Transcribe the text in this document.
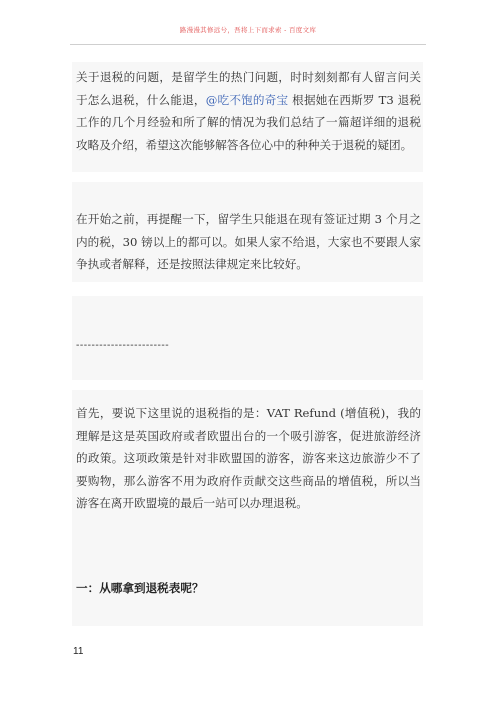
路漫漫其修远兮，吾将上下而求索 - 百度文库
关于退税的问题，是留学生的热门问题，时时刻刻都有人留言问关于怎么退税，什么能退，@吃不饱的奇宝 根据她在西斯罗 T3 退税工作的几个月经验和所了解的情况为我们总结了一篇超详细的退税攻略及介绍，希望这次能够解答各位心中的种种关于退税的疑团。
在开始之前，再提醒一下，留学生只能退在现有签证过期 3 个月之内的税，30 镑以上的都可以。如果人家不给退，大家也不要跟人家争执或者解释，还是按照法律规定来比较好。
------------------------
首先，要说下这里说的退税指的是：VAT Refund (增值税)，我的理解是这是英国政府或者欧盟出台的一个吸引游客，促进旅游经济的政策。这项政策是针对非欧盟国的游客，游客来这边旅游少不了要购物，那么游客不用为政府作贡献交这些商品的增值税，所以当游客在离开欧盟境的最后一站可以办理退税。
一：从哪拿到退税表呢？
11
